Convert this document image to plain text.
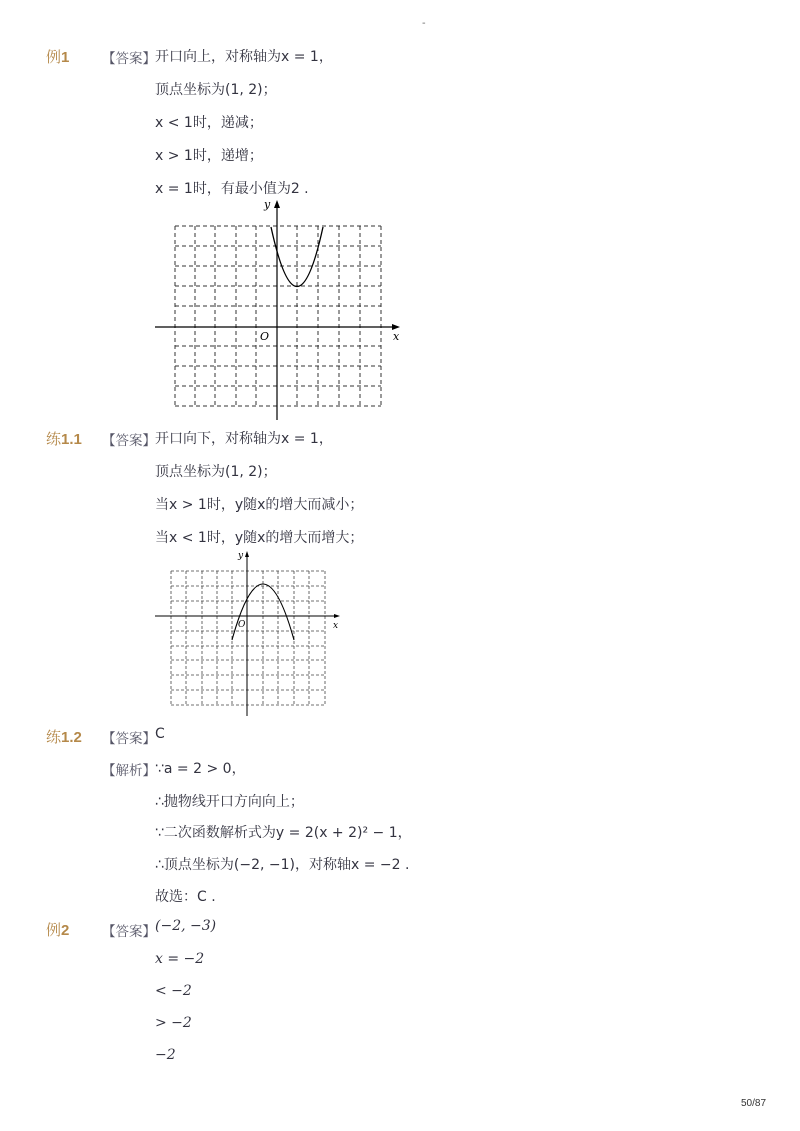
-
例1 【答案】 开口向上，对称轴为x = 1，
顶点坐标为(1, 2)；
x < 1时，递减；
x > 1时，递增；
x = 1时，有最小值为2 .
y
x
O
练1.1 【答案】 开口向下，对称轴为x = 1，
顶点坐标为(1, 2)；
当x > 1时，y随x的增大而减小；
当x < 1时，y随x的增大而增大；
y
x
O
练1.2 【答案】 C
【解析】 ∵a = 2 > 0，
∴抛物线开口方向向上；
∵二次函数解析式为y = 2(x + 2)² − 1，
∴顶点坐标为(−2, −1)，对称轴x = −2 .
故选：C .
例2 【答案】 (−2, −3)
x = −2
< −2
> −2
−2
50/87
